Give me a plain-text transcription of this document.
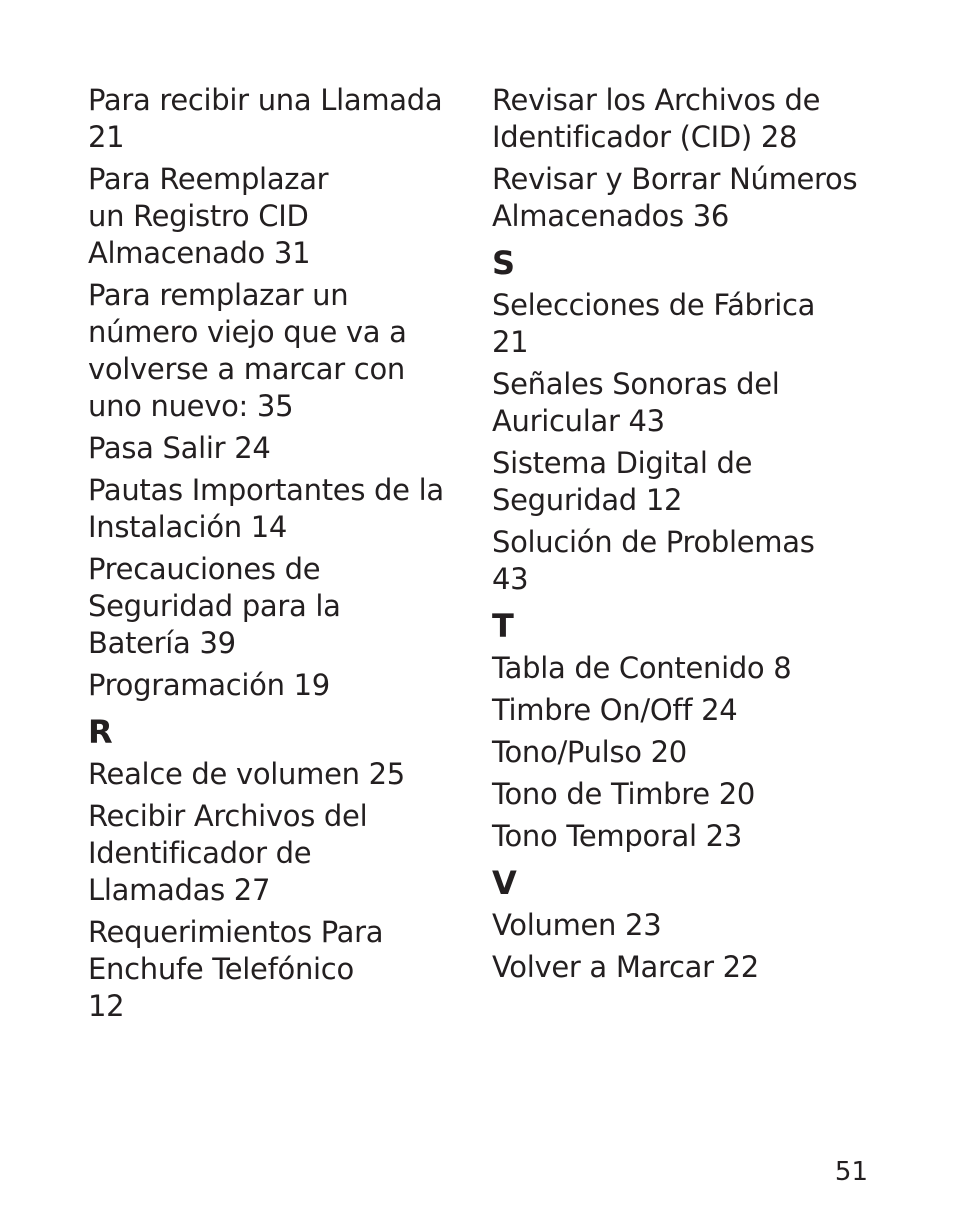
Para recibir una Llamada
21
Para Reemplazar
un Registro CID
Almacenado 31
Para remplazar un
número viejo que va a
volverse a marcar con
uno nuevo: 35
Pasa Salir 24
Pautas Importantes de la
Instalación 14
Precauciones de
Seguridad para la
Batería 39
Programación 19
R
Realce de volumen 25
Recibir Archivos del
Identificador de
Llamadas 27
Requerimientos Para
Enchufe Telefónico
12
Revisar los Archivos de
Identificador (CID) 28
Revisar y Borrar Números
Almacenados 36
S
Selecciones de Fábrica
21
Señales Sonoras del
Auricular 43
Sistema Digital de
Seguridad 12
Solución de Problemas
43
T
Tabla de Contenido 8
Timbre On/Off 24
Tono/Pulso 20
Tono de Timbre 20
Tono Temporal 23
V
Volumen 23
Volver a Marcar 22
51
